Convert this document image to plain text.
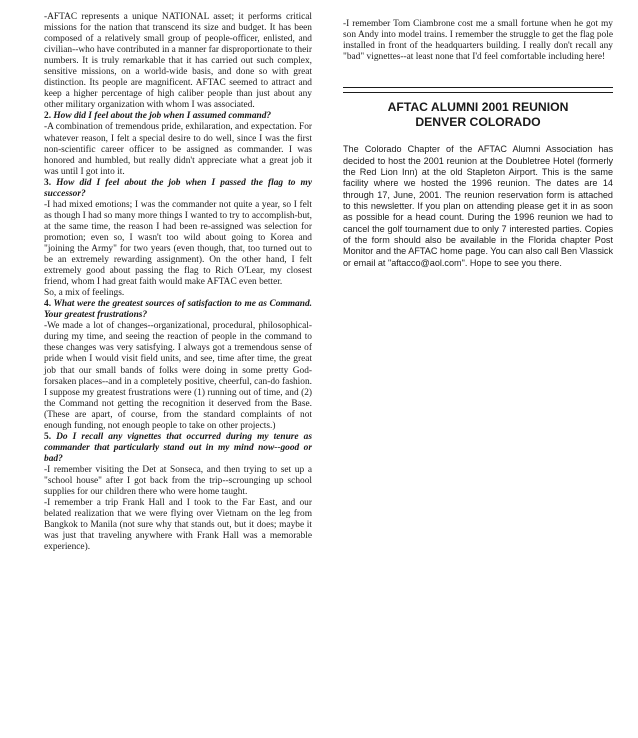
-AFTAC represents a unique NATIONAL asset; it performs critical missions for the nation that transcend its size and budget. It has been composed of a relatively small group of people-officer, enlisted, and civilian--who have contributed in a manner far disproportionate to their numbers. It is truly remarkable that it has carried out such complex, sensitive missions, on a world-wide basis, and done so with great distinction. Its people are magnificent. AFTAC seemed to attract and keep a higher percentage of high caliber people than just about any other military organization with whom I was associated.

2. How did I feel about the job when I assumed command?

-A combination of tremendous pride, exhilaration, and expectation. For whatever reason, I felt a special desire to do well, since I was the first non-scientific career officer to be assigned as commander. I was honored and humbled, but really didn't appreciate what a great job it was until I got into it.

3. How did I feel about the job when I passed the flag to my successor?

-I had mixed emotions; I was the commander not quite a year, so I felt as though I had so many more things I wanted to try to accomplish-but, at the same time, the reason I had been re-assigned was selection for promotion; even so, I wasn't too wild about going to Korea and "joining the Army" for two years (even though, that, too turned out to be an extremely rewarding assignment). On the other hand, I felt extremely good about passing the flag to Rich O'Lear, my closest friend, whom I had great faith would make AFTAC even better.

So, a mix of feelings.

4. What were the greatest sources of satisfaction to me as Command. Your greatest frustrations?

-We made a lot of changes--organizational, procedural, philosophical-during my time, and seeing the reaction of people in the command to these changes was very satisfying. I always got a tremendous sense of pride when I would visit field units, and see, time after time, the great job that our small bands of folks were doing in some pretty God-forsaken places--and in a completely positive, cheerful, can-do fashion. I suppose my greatest frustrations were (1) running out of time, and (2) the Command not getting the recognition it deserved from the Base. (These are apart, of course, from the standard complaints of not enough funding, not enough people to take on other projects.)

5. Do I recall any vignettes that occurred during my tenure as commander that particularly stand out in my mind now--good or bad?

-I remember visiting the Det at Sonseca, and then trying to set up a "school house" after I got back from the trip--scrounging up school supplies for our children there who were home taught.

-I remember a trip Frank Hall and I took to the Far East, and our belated realization that we were flying over Vietnam on the leg from Bangkok to Manila (not sure why that stands out, but it does; maybe it was just that traveling anywhere with Frank Hall was a memorable experience).

-I remember Tom Ciambrone cost me a small fortune when he got my son Andy into model trains. I remember the struggle to get the flag pole installed in front of the headquarters building. I really don't recall any "bad" vignettes--at least none that I'd feel comfortable including here!

AFTAC ALUMNI 2001 REUNION
DENVER COLORADO

The Colorado Chapter of the AFTAC Alumni Association has decided to host the 2001 reunion at the Doubletree Hotel (formerly the Red Lion Inn) at the old Stapleton Airport. This is the same facility where we hosted the 1996 reunion. The dates are 14 through 17, June, 2001. The reunion reservation form is attached to this newsletter. If you plan on attending please get it in as soon as possible for a head count. During the 1996 reunion we had to cancel the golf tournament due to only 7 interested parties. Copies of the form should also be available in the Florida chapter Post Monitor and the AFTAC home page. You can also call Ben Vlassick or email at "aftacco@aol.com". Hope to see you there.
